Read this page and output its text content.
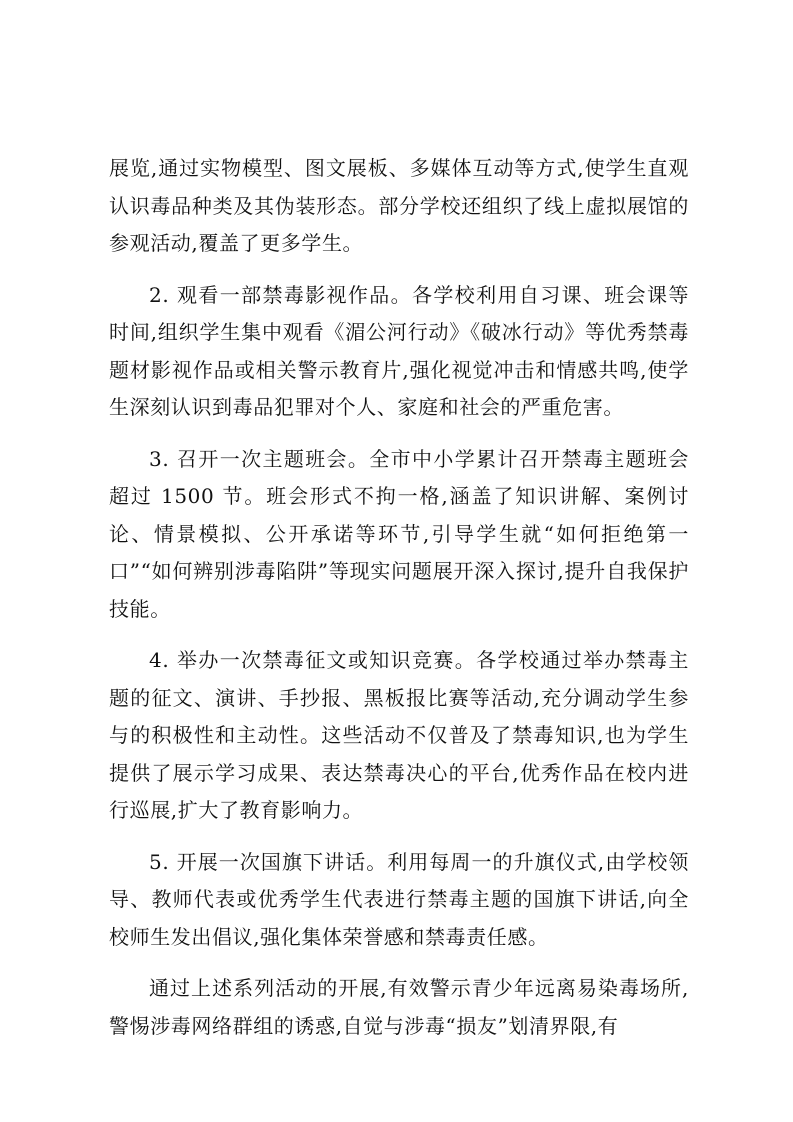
展览,通过实物模型、图文展板、多媒体互动等方式,使学生直观认识毒品种类及其伪装形态。部分学校还组织了线上虚拟展馆的参观活动,覆盖了更多学生。

2. 观看一部禁毒影视作品。各学校利用自习课、班会课等时间,组织学生集中观看《湄公河行动》《破冰行动》等优秀禁毒题材影视作品或相关警示教育片,强化视觉冲击和情感共鸣,使学生深刻认识到毒品犯罪对个人、家庭和社会的严重危害。

3. 召开一次主题班会。全市中小学累计召开禁毒主题班会超过 1500 节。班会形式不拘一格,涵盖了知识讲解、案例讨论、情景模拟、公开承诺等环节,引导学生就“如何拒绝第一口”“如何辨别涉毒陷阱”等现实问题展开深入探讨,提升自我保护技能。

4. 举办一次禁毒征文或知识竞赛。各学校通过举办禁毒主题的征文、演讲、手抄报、黑板报比赛等活动,充分调动学生参与的积极性和主动性。这些活动不仅普及了禁毒知识,也为学生提供了展示学习成果、表达禁毒决心的平台,优秀作品在校内进行巡展,扩大了教育影响力。

5. 开展一次国旗下讲话。利用每周一的升旗仪式,由学校领导、教师代表或优秀学生代表进行禁毒主题的国旗下讲话,向全校师生发出倡议,强化集体荣誉感和禁毒责任感。

通过上述系列活动的开展,有效警示青少年远离易染毒场所,警惕涉毒网络群组的诱惑,自觉与涉毒“损友”划清界限,有
